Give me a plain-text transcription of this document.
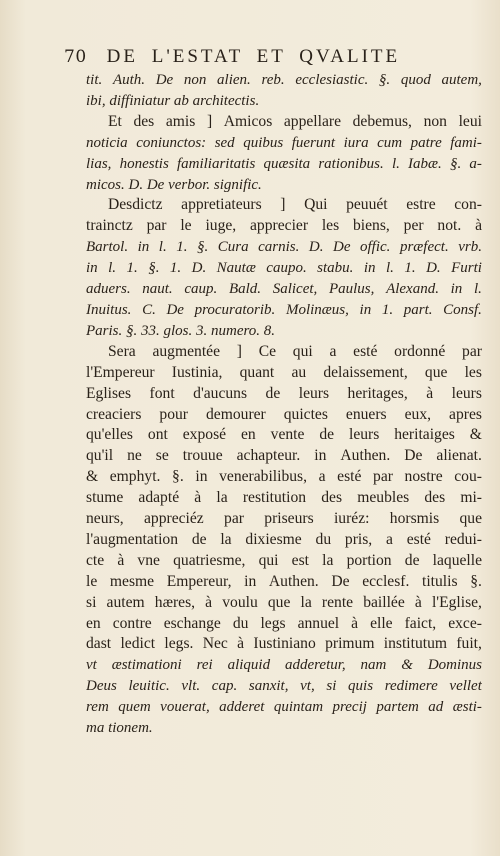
70 DE L'ESTAT ET QVALITE
tit. Auth. De non alien. reb. ecclesiastic. §. quod autem,
ibi, diffiniatur ab architectis.
Et des amis ] Amicos appellare debemus, non leui
noticia coniunctos: sed quibus fuerunt iura cum patre fami-
lias, honestis familiaritatis quæsita rationibus. l. Iabæ. §. a-
micos. D. De verbor. signific.
Desdictz appretiateurs ] Qui peuuét estre con-
trainctz par le iuge, apprecier les biens, per not. à
Bartol. in l. 1. §. Cura carnis. D. De offic. præfect. vrb.
in l. 1. §. 1. D. Nautæ caupo. stabu. in l. 1. D. Furti
aduers. naut. caup. Bald. Salicet, Paulus, Alexand. in l.
Inuitus. C. De procuratorib. Molinæus, in 1. part. Consf.
Paris. §. 33. glos. 3. numero. 8.
Sera augmentée ] Ce qui a esté ordonné par
l'Empereur Iustinia, quant au delaissement, que les
Eglises font d'aucuns de leurs heritages, à leurs
creaciers pour demourer quictes enuers eux, apres
qu'elles ont exposé en vente de leurs heritaiges &
qu'il ne se trouue achapteur. in Authen. De alienat.
& emphyt. §. in venerabilibus, a esté par nostre cou-
stume adapté à la restitution des meubles des mi-
neurs, appreciéz par priseurs iuréz: horsmis que
l'augmentation de la dixiesme du pris, a esté redui-
cte à vne quatriesme, qui est la portion de laquelle
le mesme Empereur, in Authen. De ecclesf. titulis §.
si autem hæres, à voulu que la rente baillée à l'Eglise,
en contre eschange du legs annuel à elle faict, exce-
dast ledict legs. Nec à Iustiniano primum institutum fuit,
vt æstimationi rei aliquid adderetur, nam & Dominus
Deus leuitic. vlt. cap. sanxit, vt, si quis redimere vellet
rem quem vouerat, adderet quintam precij partem ad æsti-
ma tionem.
